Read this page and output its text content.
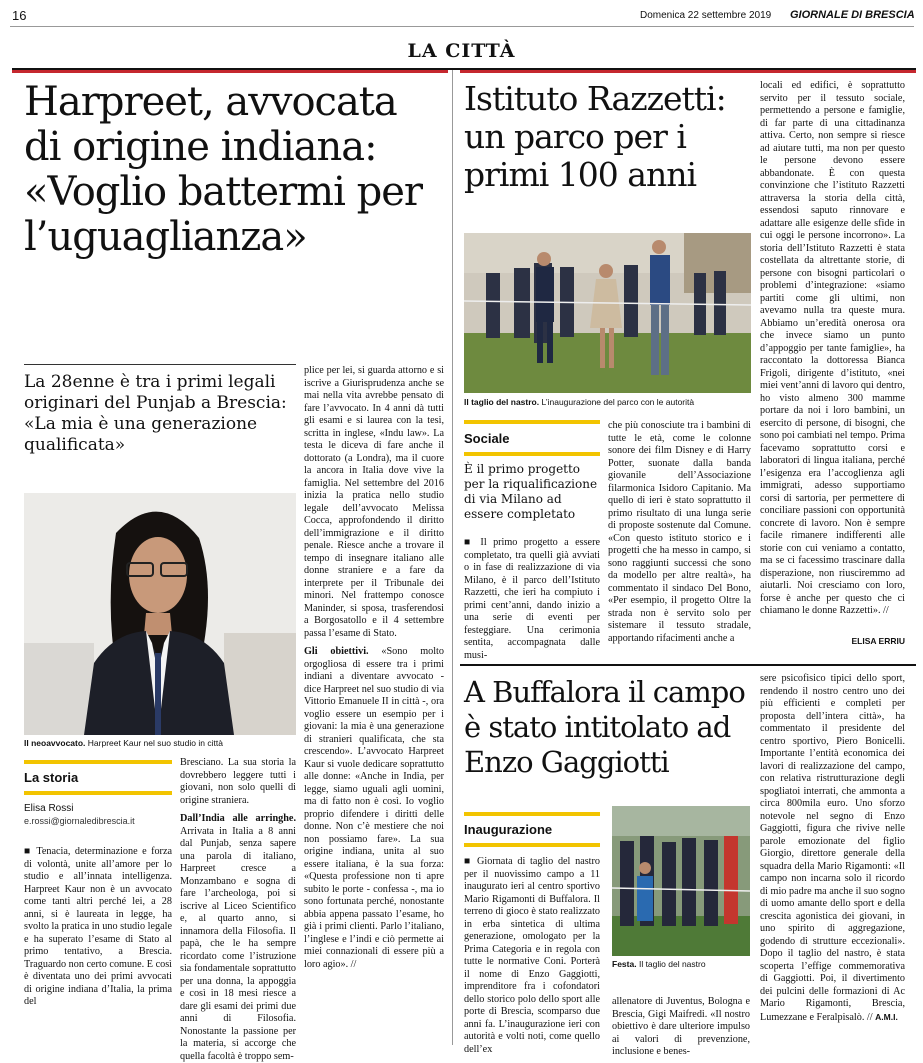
16	Domenica 22 settembre 2019 GIORNALE DI BRESCIA
LA CITTÀ
Harpreet, avvocata di origine indiana: «Voglio battermi per l’uguaglianza»
La 28enne è tra i primi legali originari del Punjab a Brescia: «La mia è una generazione qualificata»
Il neoavvocato. Harpreet Kaur nel suo studio in città
La storia
Elisa Rossi
e.rossi@giornaledibrescia.it

■ Tenacia, determinazione e forza di volontà, unite all’amore per lo studio e all’innata intelligenza. Harpreet Kaur non è un avvocato come tanti altri perché lei, a 28 anni, si è laureata in legge, ha svolto la pratica in uno studio legale e ha superato l’esame di Stato al primo tentativo, a Brescia. Traguardo non certo comune. E così è diventata uno dei primi avvocati di origine indiana d’Italia, la prima del

Bresciano. La sua storia la dovrebbero leggere tutti i giovani, non solo quelli di origine straniera.

Dall’India alle arringhe. Arrivata in Italia a 8 anni dal Punjab, senza sapere una parola di italiano, Harpreet cresce a Monzambano e sogna di fare l’archeologa, poi si iscrive al Liceo Scientifico e, al quarto anno, si innamora della Filosofia. Il papà, che le ha sempre ricordato come l’istruzione sia fondamentale soprattutto per una donna, la appoggia e così in 18 mesi riesce a dare gli esami dei primi due anni di Filosofia. Nonostante la passione per la materia, si accorge che quella facoltà è troppo sem-

plice per lei, si guarda attorno e si iscrive a Giurisprudenza anche se mai nella vita avrebbe pensato di fare l’avvocato. In 4 anni dà tutti gli esami e si laurea con la tesi, scritta in inglese, «Indu law». La testa le diceva di fare anche il dottorato (a Londra), ma il cuore la ancora in Italia dove vive la famiglia. Nel settembre del 2016 inizia la pratica nello studio legale dell’avvocato Melissa Cocca, approfondendo il diritto dell’immigrazione e il diritto penale. Riesce anche a trovare il tempo di insegnare italiano alle donne straniere e a fare da interprete per il Tribunale dei minori. Nel frattempo conosce Maninder, si sposa, trasferendosi a Borgosatollo e il 4 settembre passa l’esame di Stato.

Gli obiettivi. «Sono molto orgogliosa di essere tra i primi indiani a diventare avvocato - dice Harpreet nel suo studio di via Vittorio Emanuele II in città -, ora voglio essere un esempio per i giovani: la mia è una generazione di stranieri qualificata, che sta crescendo». L’avvocato Harpreet Kaur si vuole dedicare soprattutto alle donne: «Anche in India, per legge, siamo uguali agli uomini, ma di fatto non è così. Io voglio proprio difendere i diritti delle donne. Non c’è mestiere che noi non possiamo fare». La sua origine indiana, unita al suo essere italiana, è la sua forza: «Questa professione non ti apre subito le porte - confessa -, ma io sono fortunata perché, nonostante abbia appena passato l’esame, ho già i primi clienti. Parlo l’italiano, l’inglese e l’indi e ciò permette ai miei connazionali di essere più a loro agio». //

Istituto Razzetti: un parco per i primi 100 anni
Il taglio del nastro. L’inaugurazione del parco con le autorità
Sociale
È il primo progetto per la riqualificazione di via Milano ad essere completato

■ Il primo progetto a essere completato, tra quelli già avviati o in fase di realizzazione di via Milano, è il parco dell’Istituto Razzetti, che ieri ha compiuto i primi cent’anni, dando inizio a una serie di eventi per festeggiare. Una cerimonia sentita, accompagnata dalle musi-

che più conosciute tra i bambini di tutte le età, come le colonne sonore dei film Disney e di Harry Potter, suonate dalla banda giovanile dell’Associazione filarmonica Isidoro Capitanio. Ma quello di ieri è stato soprattutto il primo risultato di una lunga serie di proposte sostenute dal Comune. «Con questo istituto storico e i progetti che ha messo in campo, si sono raggiunti successi che sono da modello per altre realtà», ha commentato il sindaco Del Bono, «Per esempio, il progetto Oltre la strada non è servito solo per sistemare il tessuto stradale, apportando rifacimenti anche a

locali ed edifici, è soprattutto servito per il tessuto sociale, permettendo a persone e famiglie, di far parte di una cittadinanza attiva. Certo, non sempre si riesce ad aiutare tutti, ma non per questo le persone devono essere abbandonate. È con questa convinzione che l’istituto Razzetti attraversa la storia della città, essendosi saputo rinnovare e adattare alle esigenze delle sfide in cui oggi le persone incorrono». La storia dell’Istituto Razzetti è stata costellata da altrettante storie, di persone con bisogni particolari o problemi d’integrazione: «siamo partiti come gli ultimi, non avevamo nulla tra queste mura. Abbiamo un’eredità onerosa ora che invece siamo un punto d’appoggio per tante famiglie», ha raccontato la dottoressa Bianca Frigoli, dirigente d’istituto, «nei miei vent’anni di lavoro qui dentro, ho visto almeno 300 mamme portare da noi i loro bambini, un esercito di persone, di bisogni, che sono poi cambiati nel tempo. Prima facevamo soprattutto corsi e laboratori di lingua italiana, perché l’esigenza era l’accoglienza agli immigrati, adesso supportiamo corsi di sartoria, per permettere di conciliare passioni con opportunità concrete di lavoro. Non è sempre facile rimanere indifferenti alle storie con cui veniamo a contatto, ma se ci facessimo trascinare dalla disperazione, non riusciremmo ad aiutarli. Noi cresciamo con loro, forse è anche per questo che ci chiamano le donne Razzetti». //

ELISA ERRIU
A Buffalora il campo è stato intitolato ad Enzo Gaggiotti
Inaugurazione

■ Giornata di taglio del nastro per il nuovissimo campo a 11 inaugurato ieri al centro sportivo Mario Rigamonti di Buffalora. Il terreno di gioco è stato realizzato in erba sintetica di ultima generazione, omologato per la Prima Categoria e in regola con tutte le normative Coni. Porterà il nome di Enzo Gaggiotti, imprenditore fra i cofondatori dello storico polo dello sport alle porte di Brescia, scomparso due anni fa. L’inaugurazione ieri con autorità e volti noti, come quello dell’ex

Festa. Il taglio del nastro

allenatore di Juventus, Bologna e Brescia, Gigi Maifredi. «Il nostro obiettivo è dare ulteriore impulso ai valori di prevenzione, inclusione e benes-

sere psicofisico tipici dello sport, rendendo il nostro centro uno dei più efficienti e completi per proposta dell’intera città», ha commentato il presidente del centro sportivo, Piero Bonicelli. Importante l’entità economica dei lavori di realizzazione del campo, con relativa ristrutturazione degli spogliatoi interrati, che ammonta a circa 800mila euro. Uno sforzo notevole nel segno di Enzo Gaggiotti, figura che rivive nelle parole emozionate del figlio Giorgio, direttore generale della squadra della Mario Rigamonti: «Il campo non incarna solo il ricordo di mio padre ma anche il suo sogno di uomo amante dello sport e della crescita agonistica dei giovani, in uno spirito di aggregazione, godendo di strutture eccezionali». Dopo il taglio del nastro, è stata scoperta l’effige commemorativa di Gaggiotti. Poi, il divertimento dei pulcini delle formazioni di Ac Mario Rigamonti, Brescia, Lumezzane e Feralpisalò. // A.M.I.
